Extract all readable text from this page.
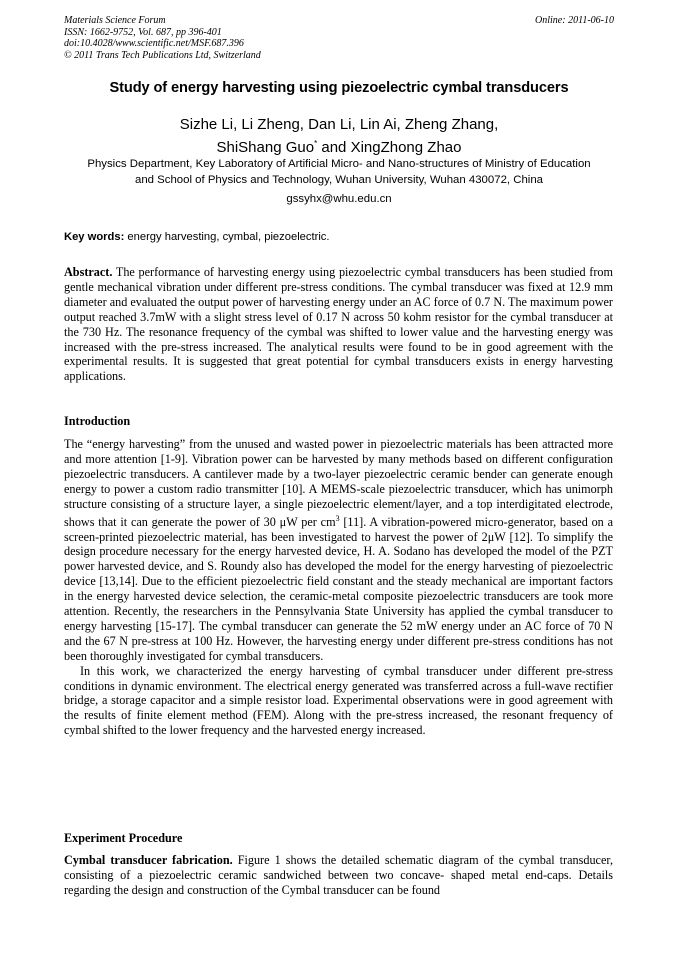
Materials Science Forum
ISSN: 1662-9752, Vol. 687, pp 396-401
doi:10.4028/www.scientific.net/MSF.687.396
© 2011 Trans Tech Publications Ltd, Switzerland
Online: 2011-06-10
Study of energy harvesting using piezoelectric cymbal transducers
Sizhe Li, Li Zheng, Dan Li, Lin Ai, Zheng Zhang,
ShiShang Guo* and XingZhong Zhao
Physics Department, Key Laboratory of Artificial Micro- and Nano-structures of Ministry of Education
and School of Physics and Technology, Wuhan University, Wuhan 430072, China
gssyhx@whu.edu.cn
Key words: energy harvesting, cymbal, piezoelectric.

Abstract. The performance of harvesting energy using piezoelectric cymbal transducers has been studied from gentle mechanical vibration under different pre-stress conditions. The cymbal transducer was fixed at 12.9 mm diameter and evaluated the output power of harvesting energy under an AC force of 0.7 N. The maximum power output reached 3.7mW with a slight stress level of 0.17 N across 50 kohm resistor for the cymbal transducer at the 730 Hz. The resonance frequency of the cymbal was shifted to lower value and the harvesting energy was increased with the pre-stress increased. The analytical results were found to be in good agreement with the experimental results. It is suggested that great potential for cymbal transducers exists in energy harvesting applications.

Introduction

The “energy harvesting” from the unused and wasted power in piezoelectric materials has been attracted more and more attention [1-9]. Vibration power can be harvested by many methods based on different configuration piezoelectric transducers. A cantilever made by a two-layer piezoelectric ceramic bender can generate enough energy to power a custom radio transmitter [10]. A MEMS-scale piezoelectric transducer, which has unimorph structure consisting of a structure layer, a single piezoelectric element/layer, and a top interdigitated electrode, shows that it can generate the power of 30 μW per $cm^3$ [11]. A vibration-powered micro-generator, based on a screen-printed piezoelectric material, has been investigated to harvest the power of 2μW [12]. To simplify the design procedure necessary for the energy harvested device, H. A. Sodano has developed the model of the PZT power harvested device, and S. Roundy also has developed the model for the energy harvesting of piezoelectric device [13,14]. Due to the efficient piezoelectric field constant and the steady mechanical are important factors in the energy harvested device selection, the ceramic-metal composite piezoelectric transducers are took more attention. Recently, the researchers in the Pennsylvania State University has applied the cymbal transducer to energy harvesting [15-17]. The cymbal transducer can generate the 52 mW energy under an AC force of 70 N and the 67 N pre-stress at 100 Hz. However, the harvesting energy under different pre-stress conditions has not been thoroughly investigated for cymbal transducers.

In this work, we characterized the energy harvesting of cymbal transducer under different pre-stress conditions in dynamic environment. The electrical energy generated was transferred across a full-wave rectifier bridge, a storage capacitor and a simple resistor load. Experimental observations were in good agreement with the results of finite element method (FEM). Along with the pre-stress increased, the resonant frequency of cymbal shifted to the lower frequency and the harvested energy increased.

Experiment Procedure

Cymbal transducer fabrication. Figure 1 shows the detailed schematic diagram of the cymbal transducer, consisting of a piezoelectric ceramic sandwiched between two concave- shaped metal end-caps. Details regarding the design and construction of the Cymbal transducer can be found
